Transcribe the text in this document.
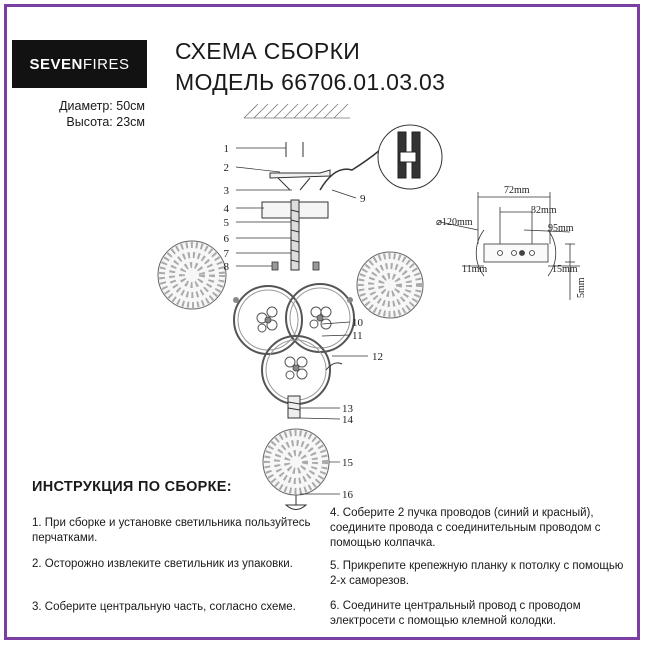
SEVEN FIRES СХЕМА СБОРКИ
МОДЕЛЬ 66706.01.03.03
Диаметр: 50см
Высота: 23см
1
2
3
4
5
6
7
8
9
10
11
12
13
14
15
16
72mm
32mm
⌀120mm
95mm
11mm	15mm
5mm
ИНСТРУКЦИЯ ПО СБОРКЕ:
1. При сборке и установке светильника пользуйтесь перчатками.
2. Осторожно извлеките светильник из упаковки.
3. Соберите центральную часть, согласно схеме.
4. Соберите 2 пучка проводов (синий и красный), соедините провода с соединительным проводом с помощью колпачка.
5. Прикрепите крепежную планку к потолку с помощью 2-х саморезов.
6. Соедините центральный провод с проводом электросети с помощью клемной колодки.
